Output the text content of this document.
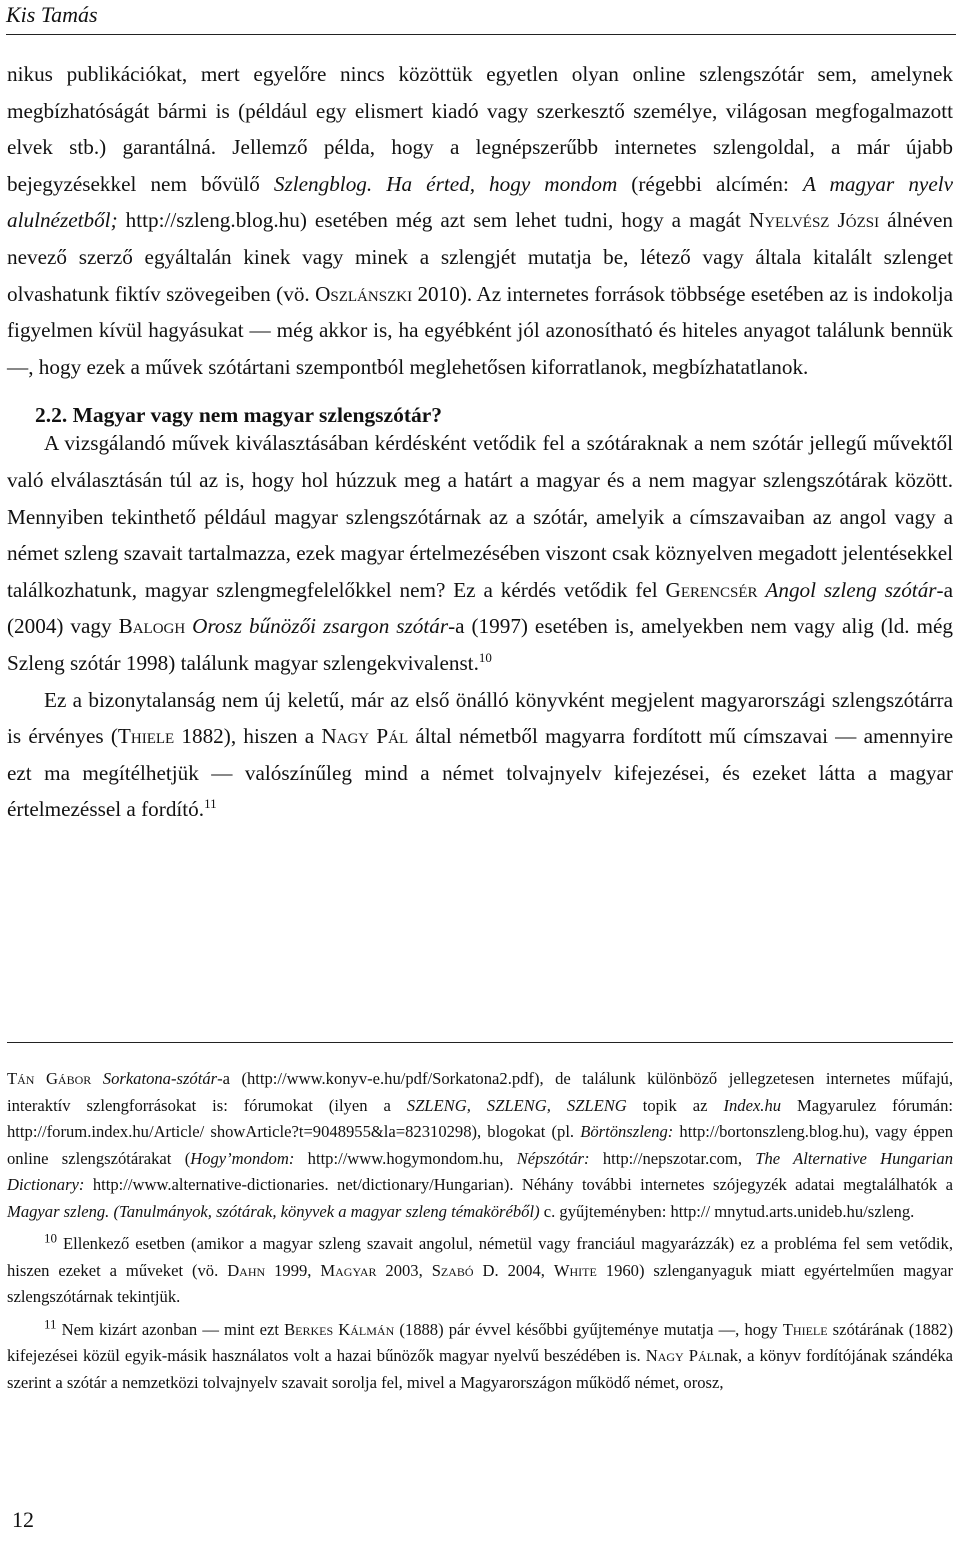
Kis Tamás

nikus publikációkat, mert egyelőre nincs közöttük egyetlen olyan online szlengszótár sem, amelynek megbízhatóságát bármi is (például egy elismert kiadó vagy szerkesztő személye, világosan megfogalmazott elvek stb.) garantálná. Jellemző példa, hogy a legnépszerűbb internetes szlengoldal, a már újabb bejegyzésekkel nem bővülő Szlengblog. Ha érted, hogy mondom (régebbi alcímén: A magyar nyelv alulnézetből; http://szleng.blog.hu) esetében még azt sem lehet tudni, hogy a magát Nyelvész Józsi álnéven nevező szerző egyáltalán kinek vagy minek a szlengjét mutatja be, létező vagy általa kitalált szlenget olvashatunk fiktív szövegeiben (vö. Oszlánszki 2010). Az internetes források többsége esetében az is indokolja figyelmen kívül hagyásukat — még akkor is, ha egyébként jól azonosítható és hiteles anyagot találunk bennük —, hogy ezek a művek szótártani szempontból meglehetősen kiforratlanok, megbízhatatlanok.

2.2. Magyar vagy nem magyar szlengszótár?

A vizsgálandó művek kiválasztásában kérdésként vetődik fel a szótáraknak a nem szótár jellegű művektől való elválasztásán túl az is, hogy hol húzzuk meg a határt a magyar és a nem magyar szlengszótárak között. Mennyiben tekinthető például magyar szlengszótárnak az a szótár, amelyik a címszavaiban az angol vagy a német szleng szavait tartalmazza, ezek magyar értelmezésében viszont csak köznyelven megadott jelentésekkel találkozhatunk, magyar szlengmegfelelőkkel nem? Ez a kérdés vetődik fel Gerencsér Angol szleng szótár-a (2004) vagy Balogh Orosz bűnözői zsargon szótár-a (1997) esetében is, amelyekben nem vagy alig (ld. még Szleng szótár 1998) találunk magyar szlengekvivalenst.$^{10}$

Ez a bizonytalanság nem új keletű, már az első önálló könyvként megjelent magyarországi szlengszótárra is érvényes (Thiele 1882), hiszen a Nagy Pál által németből magyarra fordított mű címszavai — amennyire ezt ma megítélhetjük — valószínűleg mind a német tolvajnyelv kifejezései, és ezeket látta a magyar értelmezéssel a fordító.$^{11}$

Tán Gábor Sorkatona-szótár-a (http://www.konyv-e.hu/pdf/Sorkatona2.pdf), de találunk különböző jellegzetesen internetes műfajú, interaktív szlengforrásokat is: fórumokat (ilyen a SZLENG, SZLENG, SZLENG topik az Index.hu Magyarulez fórumán: http://forum.index.hu/Article/ showArticle?t=9048955&la=82310298), blogokat (pl. Börtönszleng: http://bortonszleng.blog.hu), vagy éppen online szlengszótárakat (Hogy’mondom: http://www.hogymondom.hu, Népszótár: http://nepszotar.com, The Alternative Hungarian Dictionary: http://www.alternative-dictionaries. net/dictionary/Hungarian). Néhány további internetes szójegyzék adatai megtalálhatók a Magyar szleng. (Tanulmányok, szótárak, könyvek a magyar szleng témaköréből) c. gyűjteményben: http:// mnytud.arts.unideb.hu/szleng.

$^{10}$ Ellenkező esetben (amikor a magyar szleng szavait angolul, németül vagy franciául magyarázzák) ez a probléma fel sem vetődik, hiszen ezeket a műveket (vö. Dahn 1999, Magyar 2003, Szabó D. 2004, White 1960) szlenganyaguk miatt egyértelműen magyar szlengszótárnak tekintjük.

$^{11}$ Nem kizárt azonban — mint ezt Berkes Kálmán (1888) pár évvel későbbi gyűjteménye mutatja —, hogy Thiele szótárának (1882) kifejezései közül egyik-másik használatos volt a hazai bűnözők magyar nyelvű beszédében is. Nagy Pálnak, a könyv fordítójának szándéka szerint a szótár a nemzetközi tolvajnyelv szavait sorolja fel, mivel a Magyarországon működő német, orosz,

12
